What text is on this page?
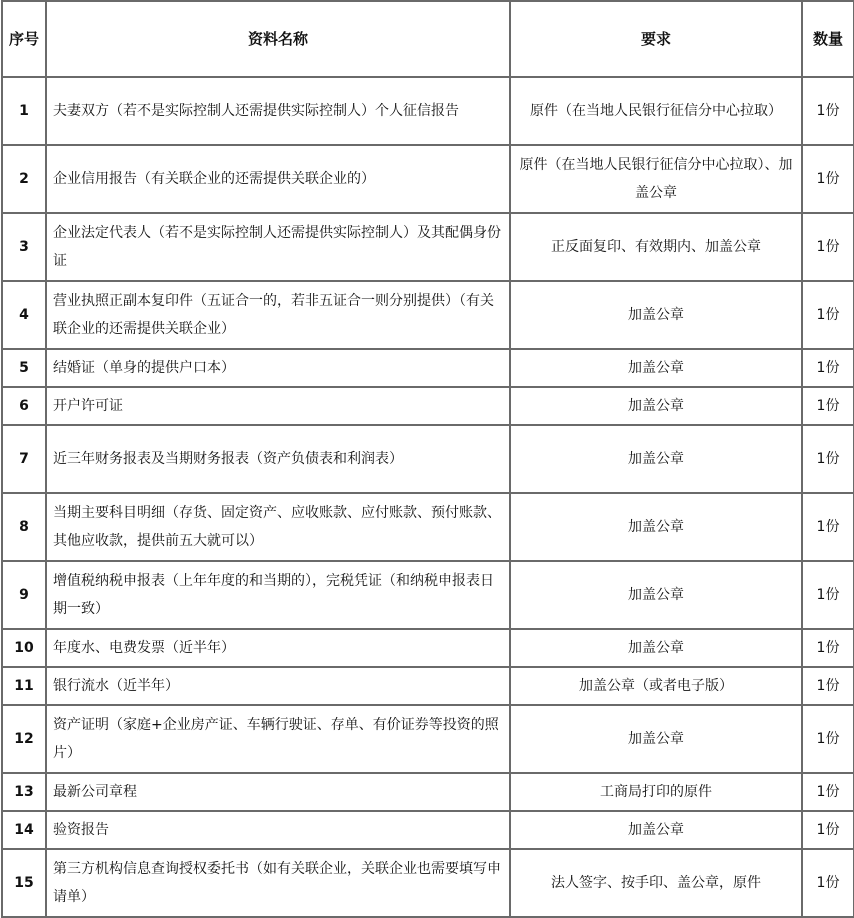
序号	资料名称	要求	数量
1	夫妻双方（若不是实际控制人还需提供实际控制人）个人征信报告	原件（在当地人民银行征信分中心拉取）	1份
2	企业信用报告（有关联企业的还需提供关联企业的）	原件（在当地人民银行征信分中心拉取）、加盖公章	1份
3	企业法定代表人（若不是实际控制人还需提供实际控制人）及其配偶身份证	正反面复印、有效期内、加盖公章	1份
4	营业执照正副本复印件（五证合一的，若非五证合一则分别提供）（有关联企业的还需提供关联企业）	加盖公章	1份
5	结婚证（单身的提供户口本）	加盖公章	1份
6	开户许可证	加盖公章	1份
7	近三年财务报表及当期财务报表（资产负债表和利润表）	加盖公章	1份
8	当期主要科目明细（存货、固定资产、应收账款、应付账款、预付账款、其他应收款，提供前五大就可以）	加盖公章	1份
9	增值税纳税申报表（上年年度的和当期的），完税凭证（和纳税申报表日期一致）	加盖公章	1份
10	年度水、电费发票（近半年）	加盖公章	1份
11	银行流水（近半年）	加盖公章（或者电子版）	1份
12	资产证明（家庭+企业房产证、车辆行驶证、存单、有价证券等投资的照片）	加盖公章	1份
13	最新公司章程	工商局打印的原件	1份
14	验资报告	加盖公章	1份
15	第三方机构信息查询授权委托书（如有关联企业，关联企业也需要填写申请单）	法人签字、按手印、盖公章，原件	1份
